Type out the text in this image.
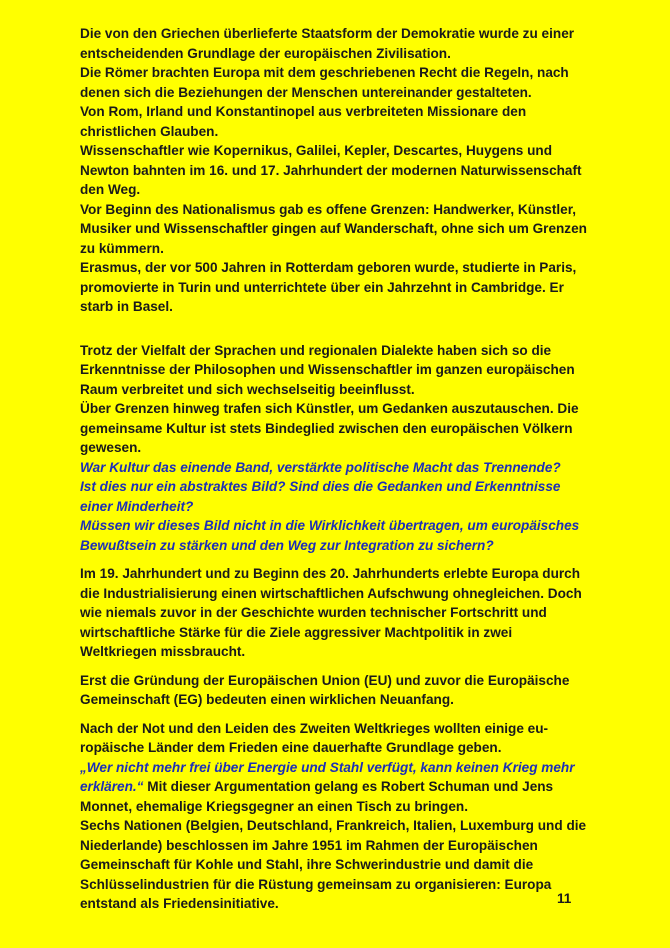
Die von den Griechen überlieferte Staatsform der Demokratie wurde zu einer entscheidenden Grundlage der europäischen Zivilisation.

Die Römer brachten Europa mit dem geschriebenen Recht die Regeln, nach denen sich die Beziehungen der Menschen untereinander gestalteten.

Von Rom, Irland und Konstantinopel aus verbreiteten Missionare den christlichen Glauben.

Wissenschaftler wie Kopernikus, Galilei, Kepler, Descartes, Huygens und Newton bahnten im 16. und 17. Jahrhundert der modernen Naturwissenschaft den Weg.

Vor Beginn des Nationalismus gab es offene Grenzen: Handwerker, Künstler, Musiker und Wissenschaftler gingen auf Wanderschaft, ohne sich um Grenzen zu kümmern.

Erasmus, der vor 500 Jahren in Rotterdam geboren wurde, studierte in Paris, promovierte in Turin und unterrichtete über ein Jahrzehnt in Cambridge. Er starb in Basel.

Trotz der Vielfalt der Sprachen und regionalen Dialekte haben sich so die Erkenntnisse der Philosophen und Wissenschaftler im ganzen europäischen Raum verbreitet und sich wechselseitig beeinflusst.

Über Grenzen hinweg trafen sich Künstler, um Gedanken auszutauschen. Die gemeinsame Kultur ist stets Bindeglied zwischen den europäischen Völkern gewesen.

War Kultur das einende Band, verstärkte politische Macht das Trennende?

Ist dies nur ein abstraktes Bild? Sind dies die Gedanken und Erkenntnisse einer Minderheit?

Müssen wir dieses Bild nicht in die Wirklichkeit übertragen, um europäisches Bewußtsein zu stärken und den Weg zur Integration zu sichern?

Im 19. Jahrhundert und zu Beginn des 20. Jahrhunderts erlebte Europa durch die Industrialisierung einen wirtschaftlichen Aufschwung ohnegleichen. Doch wie niemals zuvor in der Geschichte wurden technischer Fortschritt und wirtschaftliche Stärke für die Ziele aggressiver Machtpolitik in zwei Weltkriegen missbraucht.

Erst die Gründung der Europäischen Union (EU) und zuvor die Europäische Gemeinschaft (EG) bedeuten einen wirklichen Neuanfang.

Nach der Not und den Leiden des Zweiten Weltkrieges wollten einige eu-ropäische Länder dem Frieden eine dauerhafte Grundlage geben.

„Wer nicht mehr frei über Energie und Stahl verfügt, kann keinen Krieg mehr erklären.“ Mit dieser Argumentation gelang es Robert Schuman und Jens Monnet, ehemalige Kriegsgegner an einen Tisch zu bringen.

Sechs Nationen (Belgien, Deutschland, Frankreich, Italien, Luxemburg und die Niederlande) beschlossen im Jahre 1951 im Rahmen der Europäischen Gemeinschaft für Kohle und Stahl, ihre Schwerindustrie und damit die Schlüsselindustrien für die Rüstung gemeinsam zu organisieren: Europa entstand als Friedensinitiative.	11
